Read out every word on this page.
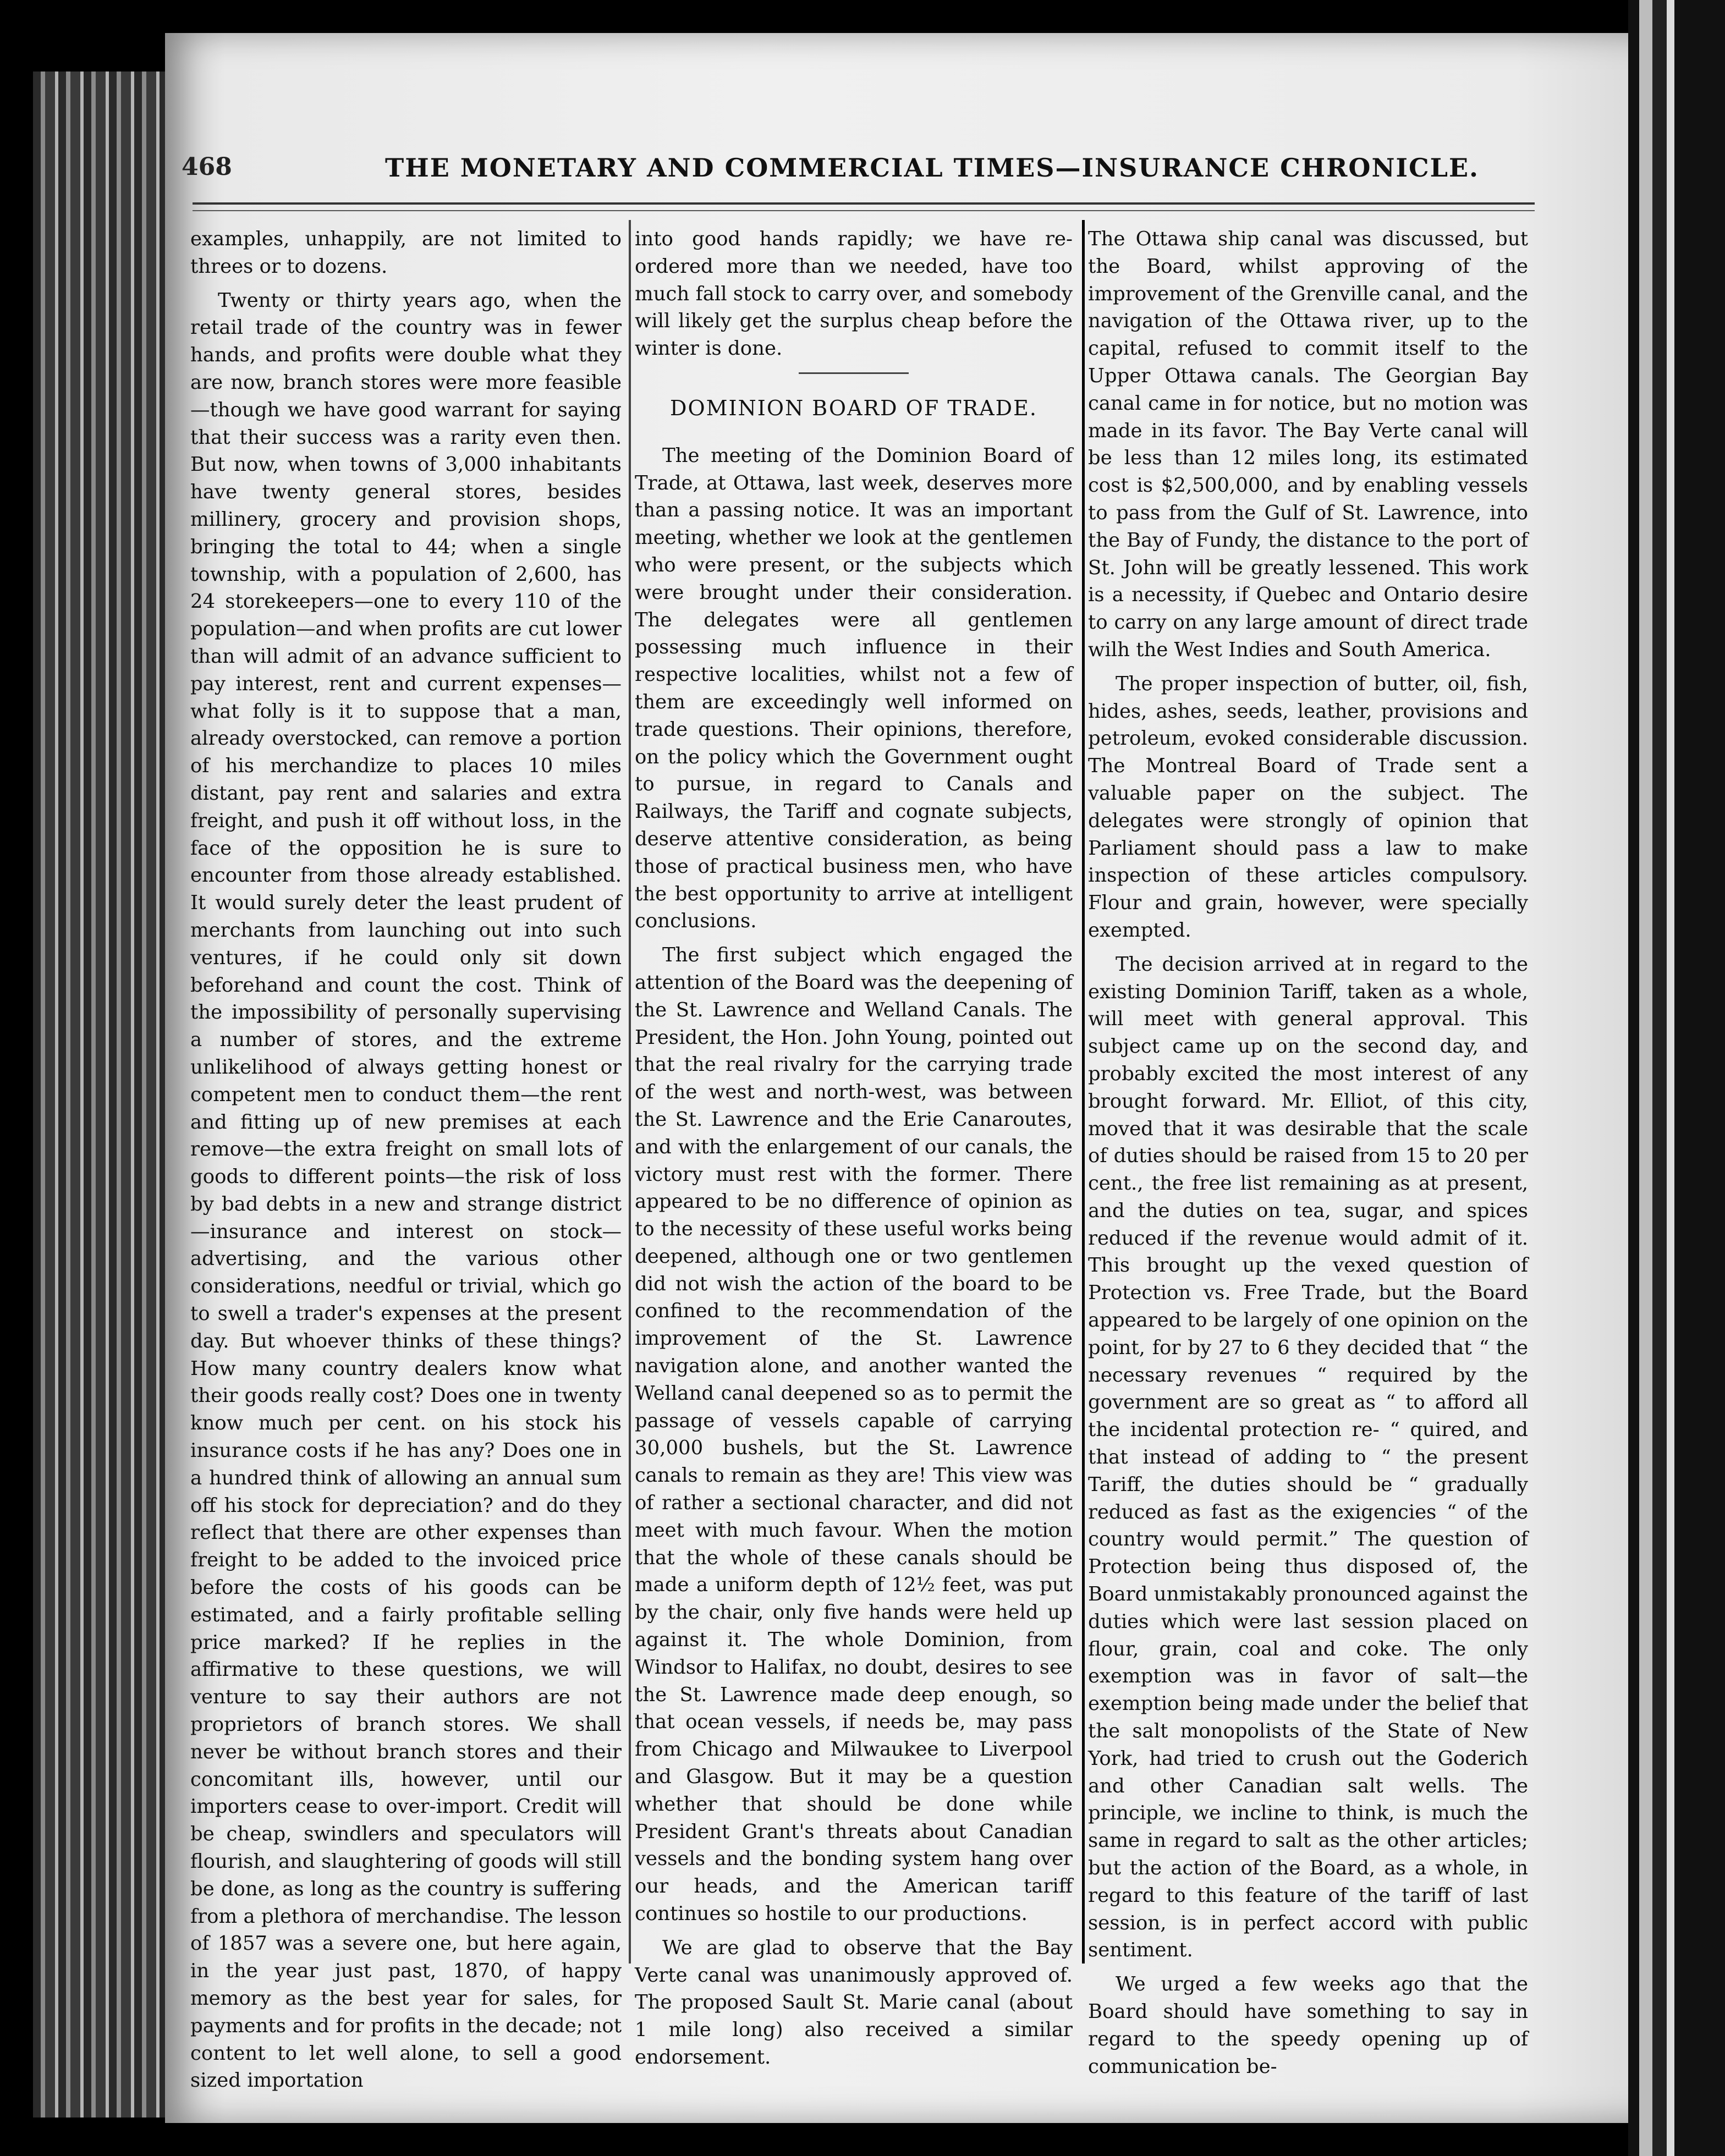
468	THE MONETARY AND COMMERCIAL TIMES—INSURANCE CHRONICLE.

examples, unhappily, are not limited to threes or to dozens.

Twenty or thirty years ago, when the retail trade of the country was in fewer hands, and profits were double what they are now, branch stores were more feasible—though we have good warrant for saying that their success was a rarity even then. But now, when towns of 3,000 inhabitants have twenty general stores, besides millinery, grocery and provision shops, bringing the total to 44; when a single township, with a population of 2,600, has 24 storekeepers—one to every 110 of the population—and when profits are cut lower than will admit of an advance sufficient to pay interest, rent and current expenses—what folly is it to suppose that a man, already overstocked, can remove a portion of his merchandize to places 10 miles distant, pay rent and salaries and extra freight, and push it off without loss, in the face of the opposition he is sure to encounter from those already established. It would surely deter the least prudent of merchants from launching out into such ventures, if he could only sit down beforehand and count the cost. Think of the impossibility of personally supervising a number of stores, and the extreme unlikelihood of always getting honest or competent men to conduct them—the rent and fitting up of new premises at each remove—the extra freight on small lots of goods to different points—the risk of loss by bad debts in a new and strange district—insurance and interest on stock—advertising, and the various other considerations, needful or trivial, which go to swell a trader's expenses at the present day. But whoever thinks of these things? How many country dealers know what their goods really cost? Does one in twenty know much per cent. on his stock his insurance costs if he has any? Does one in a hundred think of allowing an annual sum off his stock for depreciation? and do they reflect that there are other expenses than freight to be added to the invoiced price before the costs of his goods can be estimated, and a fairly profitable selling price marked? If he replies in the affirmative to these questions, we will venture to say their authors are not proprietors of branch stores. We shall never be without branch stores and their concomitant ills, however, until our importers cease to over-import. Credit will be cheap, swindlers and speculators will flourish, and slaughtering of goods will still be done, as long as the country is suffering from a plethora of merchandise. The lesson of 1857 was a severe one, but here again, in the year just past, 1870, of happy memory as the best year for sales, for payments and for profits in the decade; not content to let well alone, to sell a good sized importation

into good hands rapidly; we have re-ordered more than we needed, have too much fall stock to carry over, and somebody will likely get the surplus cheap before the winter is done.

DOMINION BOARD OF TRADE.

The meeting of the Dominion Board of Trade, at Ottawa, last week, deserves more than a passing notice. It was an important meeting, whether we look at the gentlemen who were present, or the subjects which were brought under their consideration. The delegates were all gentlemen possessing much influence in their respective localities, whilst not a few of them are exceedingly well informed on trade questions. Their opinions, therefore, on the policy which the Government ought to pursue, in regard to Canals and Railways, the Tariff and cognate subjects, deserve attentive consideration, as being those of practical business men, who have the best opportunity to arrive at intelligent conclusions.

The first subject which engaged the attention of the Board was the deepening of the St. Lawrence and Welland Canals. The President, the Hon. John Young, pointed out that the real rivalry for the carrying trade of the west and north-west, was between the St. Lawrence and the Erie Canaroutes, and with the enlargement of our canals, the victory must rest with the former. There appeared to be no difference of opinion as to the necessity of these useful works being deepened, although one or two gentlemen did not wish the action of the board to be confined to the recommendation of the improvement of the St. Lawrence navigation alone, and another wanted the Welland canal deepened so as to permit the passage of vessels capable of carrying 30,000 bushels, but the St. Lawrence canals to remain as they are! This view was of rather a sectional character, and did not meet with much favour. When the motion that the whole of these canals should be made a uniform depth of 12½ feet, was put by the chair, only five hands were held up against it. The whole Dominion, from Windsor to Halifax, no doubt, desires to see the St. Lawrence made deep enough, so that ocean vessels, if needs be, may pass from Chicago and Milwaukee to Liverpool and Glasgow. But it may be a question whether that should be done while President Grant's threats about Canadian vessels and the bonding system hang over our heads, and the American tariff continues so hostile to our productions.

We are glad to observe that the Bay Verte canal was unanimously approved of. The proposed Sault St. Marie canal (about 1 mile long) also received a similar endorsement.

The Ottawa ship canal was discussed, but the Board, whilst approving of the improvement of the Grenville canal, and the navigation of the Ottawa river, up to the capital, refused to commit itself to the Upper Ottawa canals. The Georgian Bay canal came in for notice, but no motion was made in its favor. The Bay Verte canal will be less than 12 miles long, its estimated cost is $2,500,000, and by enabling vessels to pass from the Gulf of St. Lawrence, into the Bay of Fundy, the distance to the port of St. John will be greatly lessened. This work is a necessity, if Quebec and Ontario desire to carry on any large amount of direct trade wilh the West Indies and South America.

The proper inspection of butter, oil, fish, hides, ashes, seeds, leather, provisions and petroleum, evoked considerable discussion. The Montreal Board of Trade sent a valuable paper on the subject. The delegates were strongly of opinion that Parliament should pass a law to make inspection of these articles compulsory. Flour and grain, however, were specially exempted.

The decision arrived at in regard to the existing Dominion Tariff, taken as a whole, will meet with general approval. This subject came up on the second day, and probably excited the most interest of any brought forward. Mr. Elliot, of this city, moved that it was desirable that the scale of duties should be raised from 15 to 20 per cent., the free list remaining as at present, and the duties on tea, sugar, and spices reduced if the revenue would admit of it. This brought up the vexed question of Protection vs. Free Trade, but the Board appeared to be largely of one opinion on the point, for by 27 to 6 they decided that “ the necessary revenues “ required by the government are so great as “ to afford all the incidental protection re- “ quired, and that instead of adding to “ the present Tariff, the duties should be “ gradually reduced as fast as the exigencies “ of the country would permit.” The question of Protection being thus disposed of, the Board unmistakably pronounced against the duties which were last session placed on flour, grain, coal and coke. The only exemption was in favor of salt—the exemption being made under the belief that the salt monopolists of the State of New York, had tried to crush out the Goderich and other Canadian salt wells. The principle, we incline to think, is much the same in regard to salt as the other articles; but the action of the Board, as a whole, in regard to this feature of the tariff of last session, is in perfect accord with public sentiment.

We urged a few weeks ago that the Board should have something to say in regard to the speedy opening up of communication be-
